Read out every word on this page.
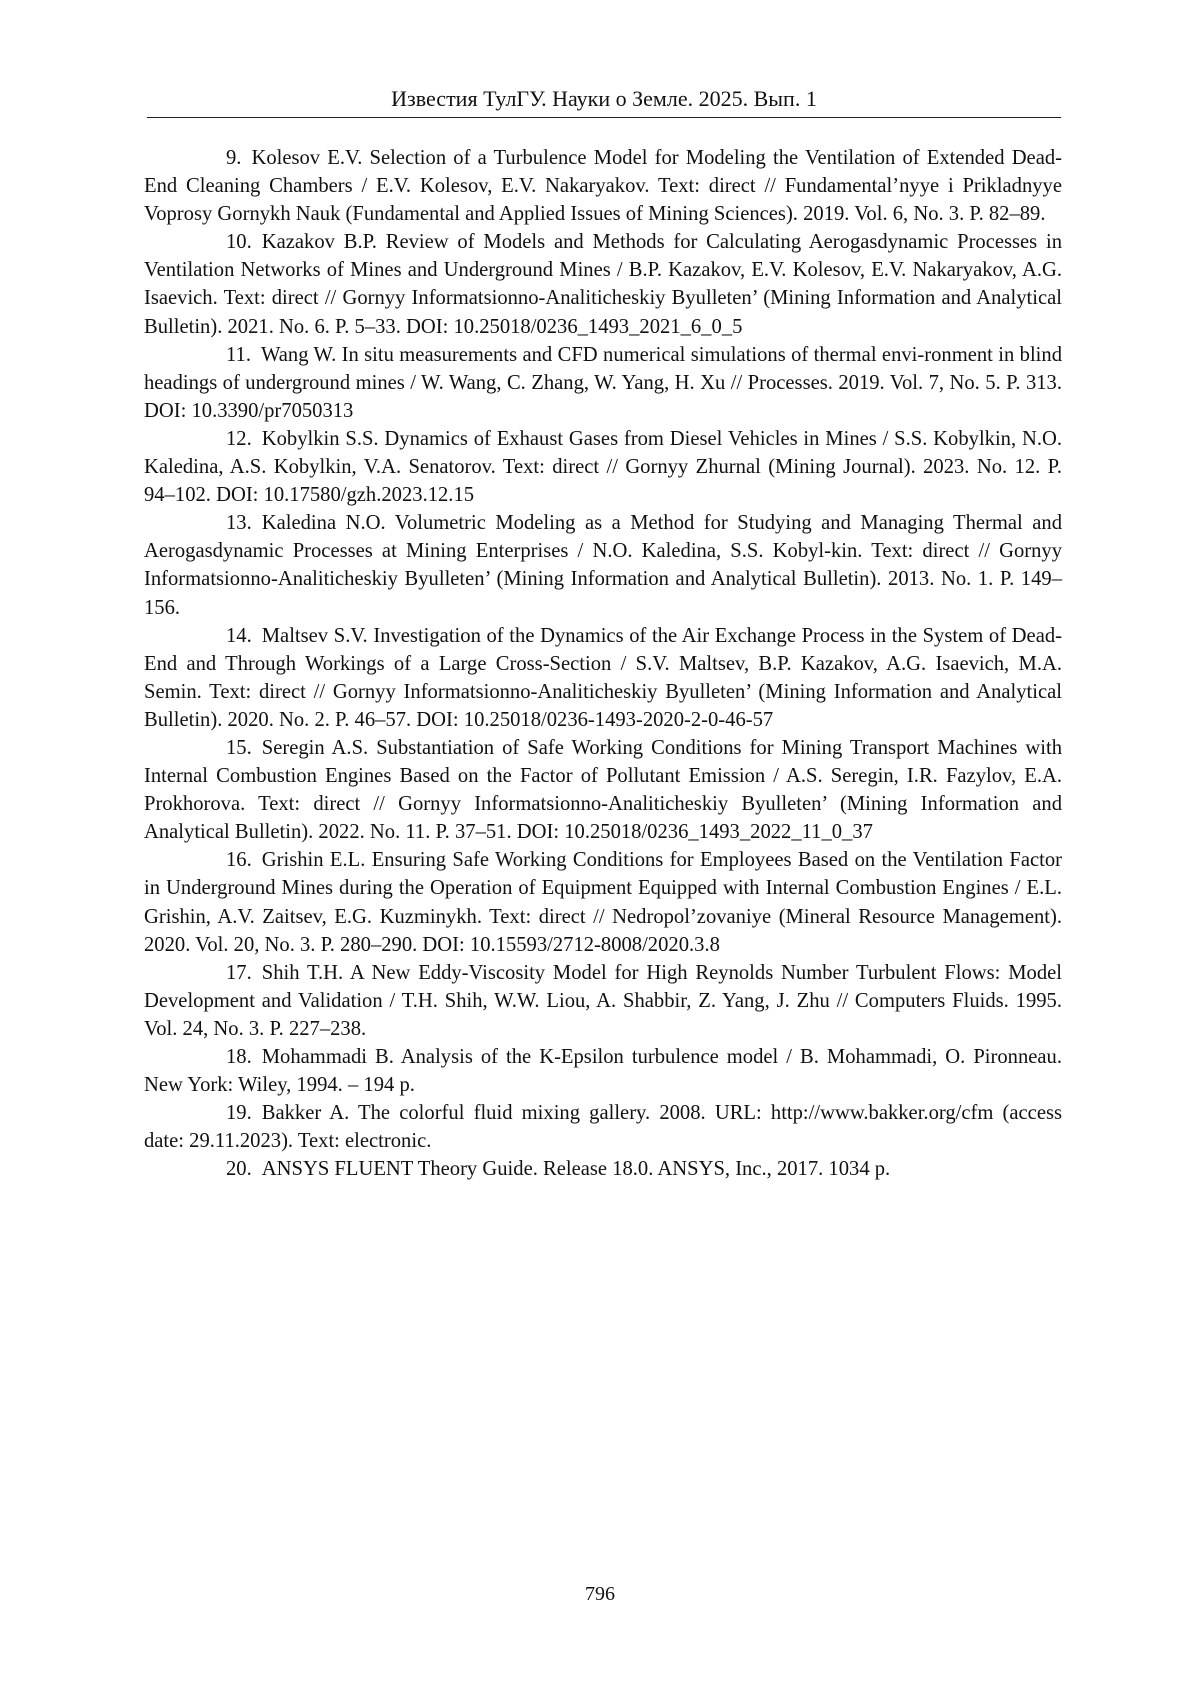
Известия ТулГУ. Науки о Земле. 2025. Вып. 1

9. Kolesov E.V. Selection of a Turbulence Model for Modeling the Ventilation of Extended Dead-End Cleaning Chambers / E.V. Kolesov, E.V. Nakaryakov. Text: direct // Fundamental’nyye i Prikladnyye Voprosy Gornykh Nauk (Fundamental and Applied Issues of Mining Sciences). 2019. Vol. 6, No. 3. P. 82–89.

10. Kazakov B.P. Review of Models and Methods for Calculating Aerogasdynamic Processes in Ventilation Networks of Mines and Underground Mines / B.P. Kazakov, E.V. Kolesov, E.V. Nakaryakov, A.G. Isaevich. Text: direct // Gornyy Informatsionno-Analiticheskiy Byulleten’ (Mining Information and Analytical Bulletin). 2021. No. 6. P. 5–33. DOI: 10.25018/0236_1493_2021_6_0_5

11. Wang W. In situ measurements and CFD numerical simulations of thermal envi-ronment in blind headings of underground mines / W. Wang, C. Zhang, W. Yang, H. Xu // Processes. 2019. Vol. 7, No. 5. P. 313. DOI: 10.3390/pr7050313

12. Kobylkin S.S. Dynamics of Exhaust Gases from Diesel Vehicles in Mines / S.S. Kobylkin, N.O. Kaledina, A.S. Kobylkin, V.A. Senatorov. Text: direct // Gornyy Zhurnal (Mining Journal). 2023. No. 12. P. 94–102. DOI: 10.17580/gzh.2023.12.15

13. Kaledina N.O. Volumetric Modeling as a Method for Studying and Managing Thermal and Aerogasdynamic Processes at Mining Enterprises / N.O. Kaledina, S.S. Kobyl-kin. Text: direct // Gornyy Informatsionno-Analiticheskiy Byulleten’ (Mining Information and Analytical Bulletin). 2013. No. 1. P. 149–156.

14. Maltsev S.V. Investigation of the Dynamics of the Air Exchange Process in the System of Dead-End and Through Workings of a Large Cross-Section / S.V. Maltsev, B.P. Kazakov, A.G. Isaevich, M.A. Semin. Text: direct // Gornyy Informatsionno-Analiticheskiy Byulleten’ (Mining Information and Analytical Bulletin). 2020. No. 2. P. 46–57. DOI: 10.25018/0236-1493-2020-2-0-46-57

15. Seregin A.S. Substantiation of Safe Working Conditions for Mining Transport Machines with Internal Combustion Engines Based on the Factor of Pollutant Emission / A.S. Seregin, I.R. Fazylov, E.A. Prokhorova. Text: direct // Gornyy Informatsionno-Analiticheskiy Byulleten’ (Mining Information and Analytical Bulletin). 2022. No. 11. P. 37–51. DOI: 10.25018/0236_1493_2022_11_0_37

16. Grishin E.L. Ensuring Safe Working Conditions for Employees Based on the Ventilation Factor in Underground Mines during the Operation of Equipment Equipped with Internal Combustion Engines / E.L. Grishin, A.V. Zaitsev, E.G. Kuzminykh. Text: direct // Nedropol’zovaniye (Mineral Resource Management). 2020. Vol. 20, No. 3. P. 280–290. DOI: 10.15593/2712-8008/2020.3.8

17. Shih T.H. A New Eddy-Viscosity Model for High Reynolds Number Turbulent Flows: Model Development and Validation / T.H. Shih, W.W. Liou, A. Shabbir, Z. Yang, J. Zhu // Computers Fluids. 1995. Vol. 24, No. 3. P. 227–238.

18. Mohammadi B. Analysis of the K-Epsilon turbulence model / B. Mohammadi, O. Pironneau. New York: Wiley, 1994. – 194 p.

19. Bakker A. The colorful fluid mixing gallery. 2008. URL: http://www.bakker.org/cfm (access date: 29.11.2023). Text: electronic.

20. ANSYS FLUENT Theory Guide. Release 18.0. ANSYS, Inc., 2017. 1034 p.

796
